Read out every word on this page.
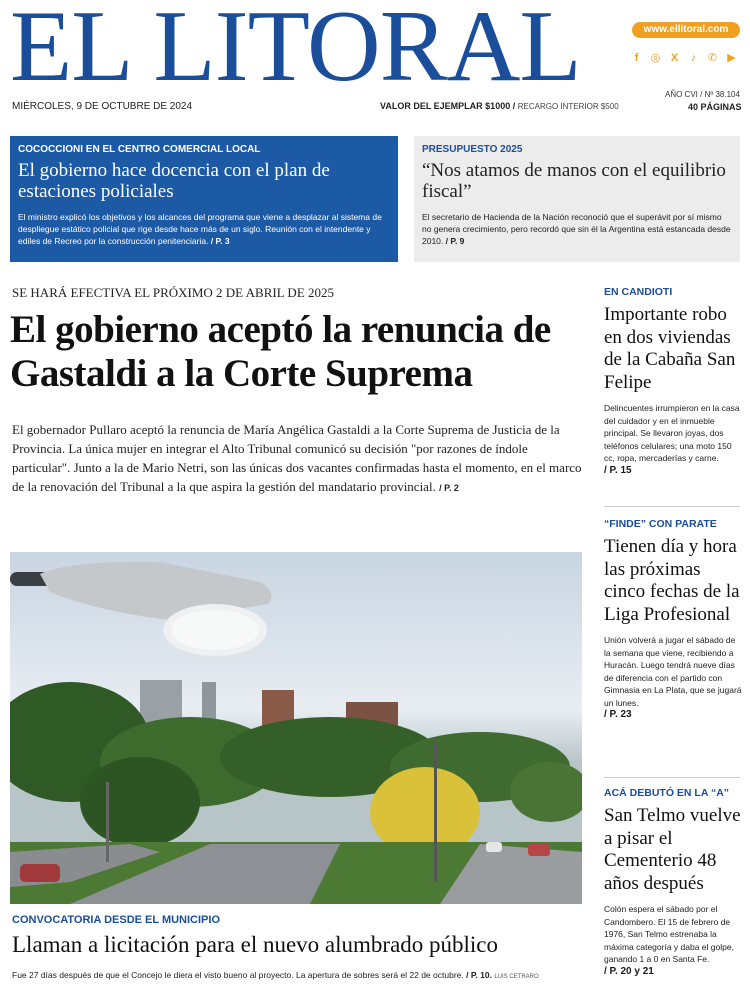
EL LITORAL	www.ellitoral.com
f	◎ X	♪	✆ ▶
MIÉRCOLES, 9 DE OCTUBRE DE 2024	VALOR DEL EJEMPLAR $1000 / RECARGO INTERIOR $500
AÑO CVI / Nº 38.104
40 PÁGINAS
COCOCCIONI EN EL CENTRO COMERCIAL LOCAL
El gobierno hace docencia con el plan de estaciones policiales
El ministro explicó los objetivos y los alcances del programa que viene a desplazar al sistema de despliegue estático policial que rige desde hace más de un siglo. Reunión con el intendente y ediles de Recreo por la construcción penitenciaria. / P. 3
PRESUPUESTO 2025
“Nos atamos de manos con el equilibrio fiscal”
El secretario de Hacienda de la Nación reconoció que el superávit por sí mismo no genera crecimiento, pero recordó que sin él la Argentina está estancada desde 2010. / P. 9
SE HARÁ EFECTIVA EL PRÓXIMO 2 DE ABRIL DE 2025
El gobierno aceptó la renuncia de Gastaldi a la Corte Suprema
El gobernador Pullaro aceptó la renuncia de María Angélica Gastaldi a la Corte Suprema de Justicia de la Provincia. La única mujer en integrar el Alto Tribunal comunicó su decisión "por razones de índole particular". Junto a la de Mario Netri, son las únicas dos vacantes confirmadas hasta el momento, en el marco de la renovación del Tribunal a la que aspira la gestión del mandatario provincial. / P. 2
CONVOCATORIA DESDE EL MUNICIPIO
Llaman a licitación para el nuevo alumbrado público
Fue 27 días después de que el Concejo le diera el visto bueno al proyecto. La apertura de sobres será el 22 de octubre. / P. 10. LUIS CETRARO
EN CANDIOTI
Importante robo en dos viviendas de la Cabaña San Felipe
Delincuentes irrumpieron en la casa del cuidador y en el inmueble principal. Se llevaron joyas, dos teléfonos celulares; una moto 150 cc, ropa, mercaderías y carne.
/ P. 15
“FINDE” CON PARATE
Tienen día y hora las próximas cinco fechas de la Liga Profesional
Unión volverá a jugar el sábado de la semana que viene, recibiendo a Huracán. Luego tendrá nueve días de diferencia con el partido con Gimnasia en La Plata, que se jugará un lunes.
/ P. 23
ACÁ DEBUTÓ EN LA “A”
San Telmo vuelve a pisar el Cementerio 48 años después
Colón espera el sábado por el Candombero. El 15 de febrero de 1976, San Telmo estrenaba la máxima categoría y daba el golpe, ganando 1 a 0 en Santa Fe.
/ P. 20 y 21
